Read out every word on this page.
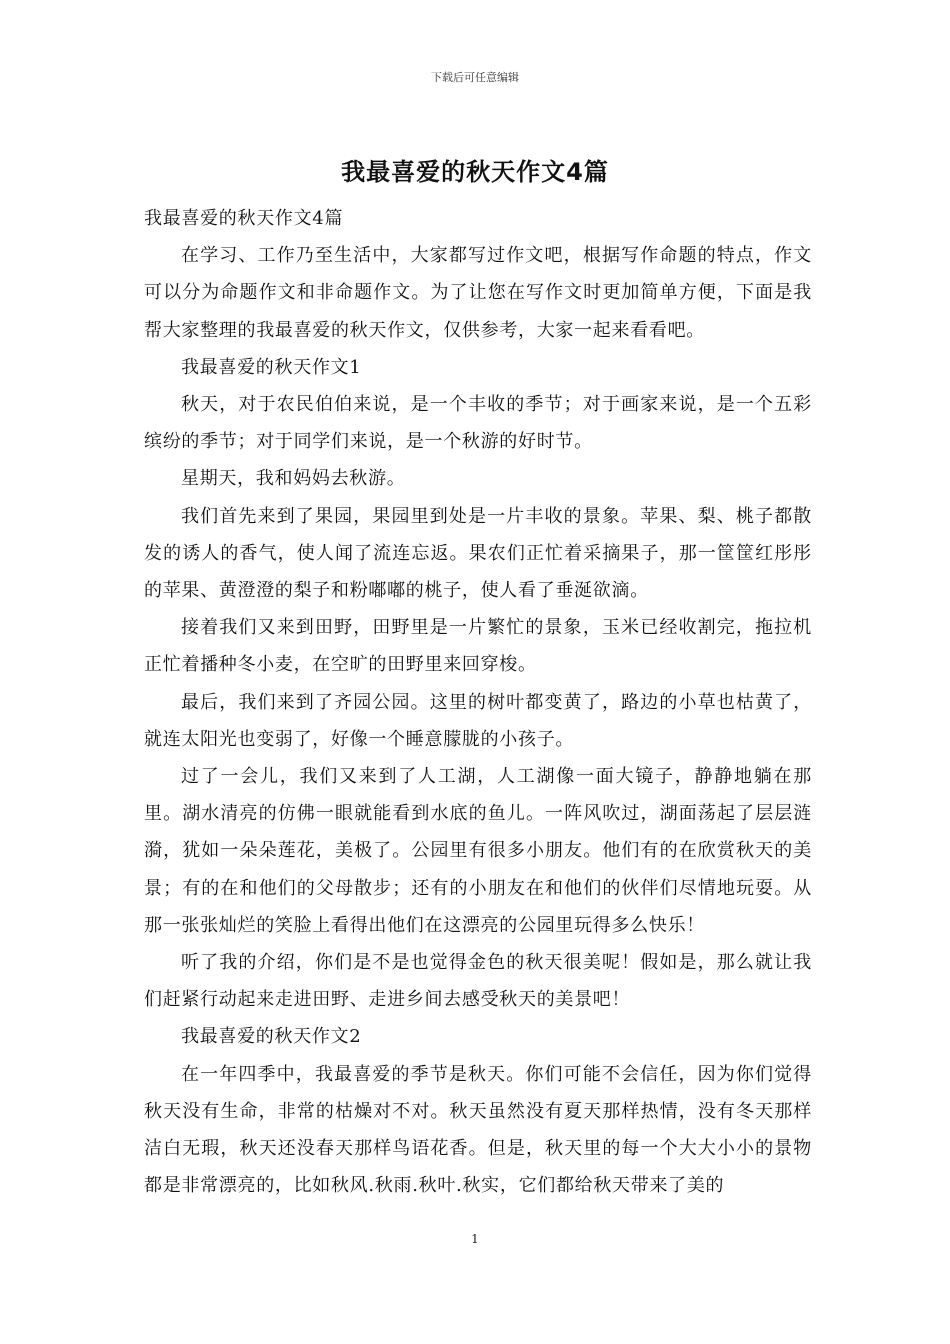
下载后可任意编辑
我最喜爱的秋天作文4篇

我最喜爱的秋天作文4篇

在学习、工作乃至生活中，大家都写过作文吧，根据写作命题的特点，作文可以分为命题作文和非命题作文。为了让您在写作文时更加简单方便，下面是我帮大家整理的我最喜爱的秋天作文，仅供参考，大家一起来看看吧。

我最喜爱的秋天作文1

秋天，对于农民伯伯来说，是一个丰收的季节；对于画家来说，是一个五彩缤纷的季节；对于同学们来说，是一个秋游的好时节。

星期天，我和妈妈去秋游。

我们首先来到了果园，果园里到处是一片丰收的景象。苹果、梨、桃子都散发的诱人的香气，使人闻了流连忘返。果农们正忙着采摘果子，那一筐筐红彤彤的苹果、黄澄澄的梨子和粉嘟嘟的桃子，使人看了垂涎欲滴。

接着我们又来到田野，田野里是一片繁忙的景象，玉米已经收割完，拖拉机正忙着播种冬小麦，在空旷的田野里来回穿梭。

最后，我们来到了齐园公园。这里的树叶都变黄了，路边的小草也枯黄了，就连太阳光也变弱了，好像一个睡意朦胧的小孩子。

过了一会儿，我们又来到了人工湖，人工湖像一面大镜子，静静地躺在那里。湖水清亮的仿佛一眼就能看到水底的鱼儿。一阵风吹过，湖面荡起了层层涟漪，犹如一朵朵莲花，美极了。公园里有很多小朋友。他们有的在欣赏秋天的美景；有的在和他们的父母散步；还有的小朋友在和他们的伙伴们尽情地玩耍。从那一张张灿烂的笑脸上看得出他们在这漂亮的公园里玩得多么快乐！

听了我的介绍，你们是不是也觉得金色的秋天很美呢！假如是，那么就让我们赶紧行动起来走进田野、走进乡间去感受秋天的美景吧！

我最喜爱的秋天作文2

在一年四季中，我最喜爱的季节是秋天。你们可能不会信任，因为你们觉得秋天没有生命，非常的枯燥对不对。秋天虽然没有夏天那样热情，没有冬天那样洁白无瑕，秋天还没春天那样鸟语花香。但是，秋天里的每一个大大小小的景物都是非常漂亮的，比如秋风.秋雨.秋叶.秋实，它们都给秋天带来了美的

1
